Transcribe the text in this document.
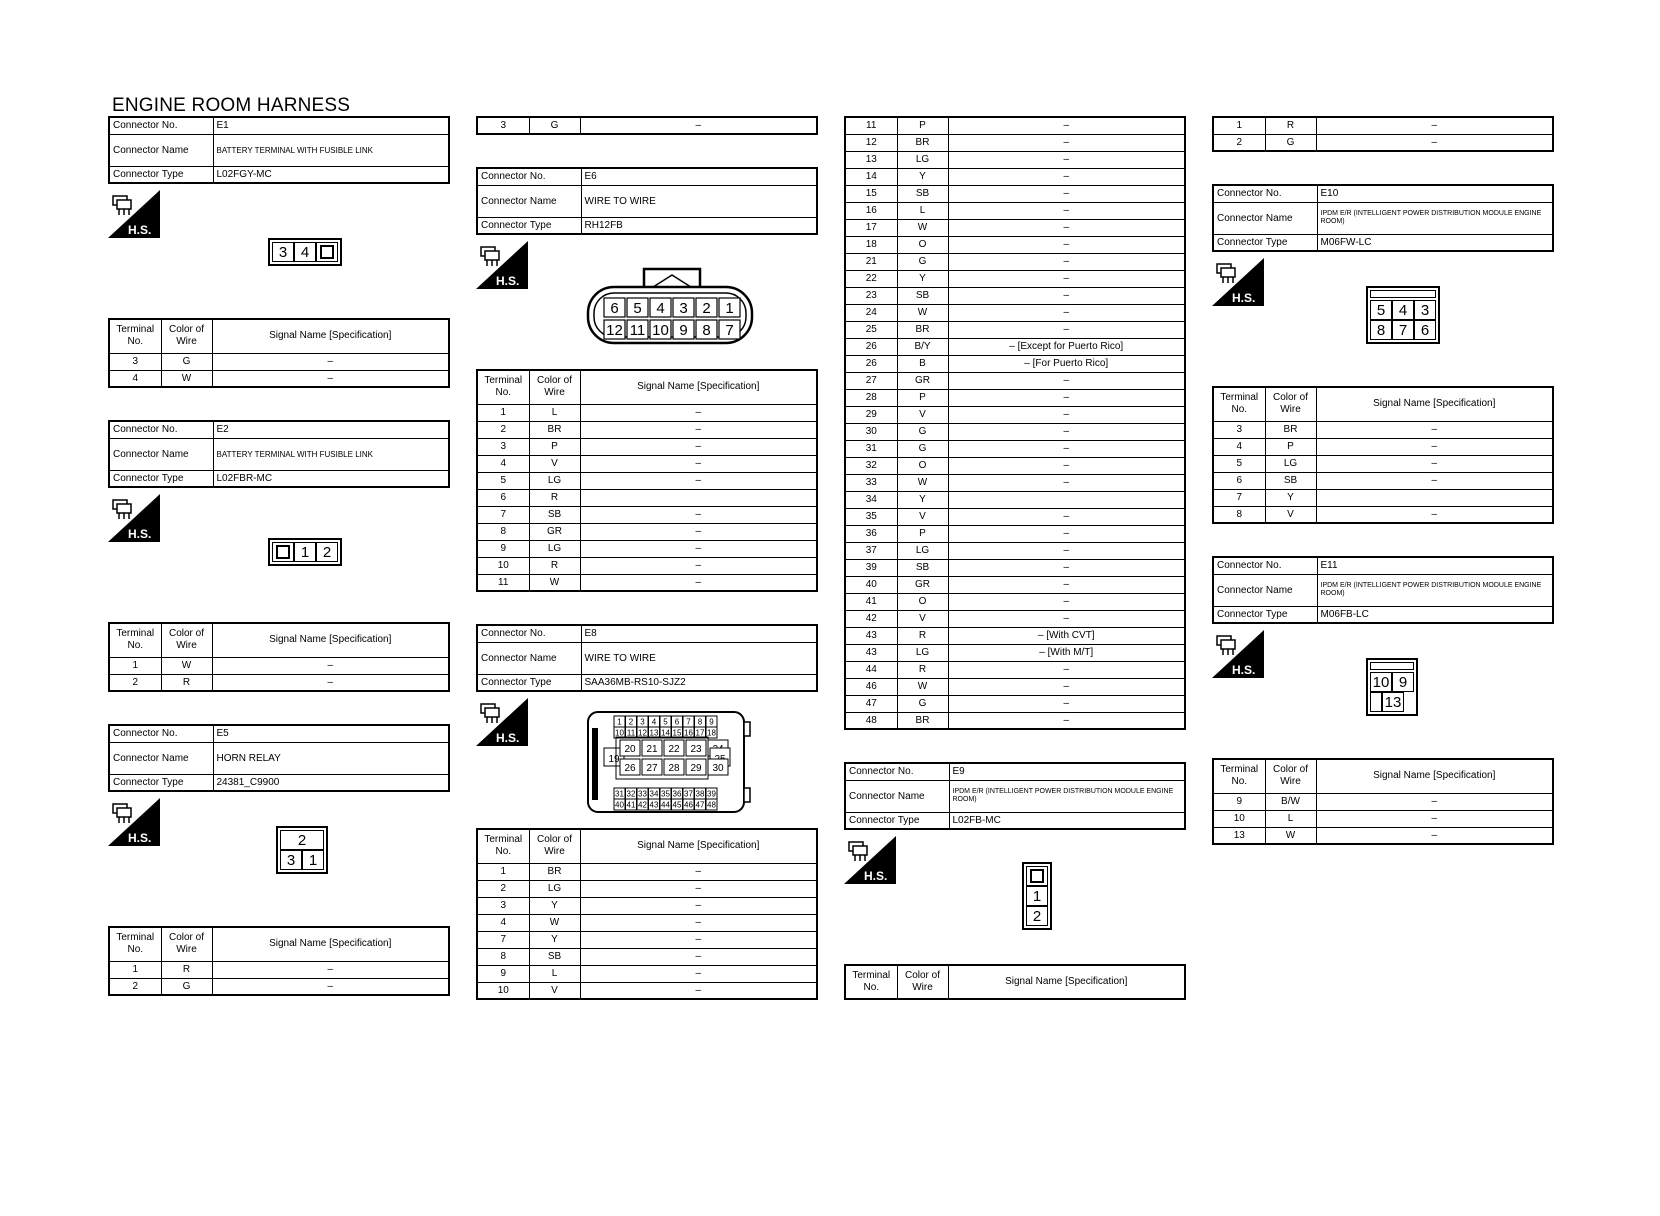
ENGINE ROOM HARNESS
Connector No.	E1
Connector Name	BATTERY TERMINAL WITH FUSIBLE LINK
Connector Type	L02FGY-MC
H.S.
3 4
Terminal No.	Color of Wire	Signal Name [Specification]
3	G	–
4	W	–
Connector No.	E2
Connector Name	BATTERY TERMINAL WITH FUSIBLE LINK
Connector Type	L02FBR-MC
H.S.
1 2
Terminal No.	Color of Wire	Signal Name [Specification]
1	W	–
2	R	–
Connector No.	E5
Connector Name	HORN RELAY
Connector Type	24381_C9900
H.S.	2
3 1
Terminal No.	Color of Wire	Signal Name [Specification]
1	R	–
2	G	–
3	G	–
Connector No.	E6
Connector Name	WIRE TO WIRE
Connector Type	RH12FB
H.S.
6 5 4 3 2 1
12 11 10 9 8 7
Terminal No.	Color of Wire	Signal Name [Specification]
1	L	–
2	BR	–
3	P	–
4	V	–
5	LG	–
6	R	
7	SB	–
8	GR	–
9	LG	–
10	R	–
11	W	–
Connector No.	E8
Connector Name	WIRE TO WIRE
Connector Type	SAA36MB-RS10-SJZ2
H.S.
1 2 3 4 5 6 7 8 9
10 11 12 13 14 15 16 17 18
19
20 21 22 23
26 27 28 29 30
31 32 33 34 35 36 37 38 39
40 41 42 43 44 45 46 47 48
Terminal No.	Color of Wire	Signal Name [Specification]
1	BR	–
2	LG	–
3	Y	–
4	W	–
7	Y	–
8	SB	–
9	L	–
10	V	–
11	P	–
12	BR	–
13	LG	–
14	Y	–
15	SB	–
16	L	–
17	W	–
18	O	–
21	G	–
22	Y	–
23	SB	–
24	W	–
25	BR	–
26	B/Y	– [Except for Puerto Rico]
26	B	– [For Puerto Rico]
27	GR	–
28	P	–
29	V	–
30	G	–
31	G	–
32	O	–
33	W	–
34	Y	
35	V	–
36	P	–
37	LG	–
39	SB	–
40	GR	–
41	O	–
42	V	–
43	R	– [With CVT]
43	LG	– [With M/T]
44	R	–
46	W	–
47	G	–
48	BR	–
Connector No.	E9
Connector Name	IPDM E/R (INTELLIGENT POWER DISTRIBUTION MODULE ENGINE ROOM)
Connector Type	L02FB-MC
H.S.
1
2
Terminal No.	Color of Wire	Signal Name [Specification]
1	R	–
2	G	–
Connector No.	E10
Connector Name	IPDM E/R (INTELLIGENT POWER DISTRIBUTION MODULE ENGINE ROOM)
Connector Type	M06FW-LC
H.S.
5 4 3
8 7 6
Terminal No.	Color of Wire	Signal Name [Specification]
3	BR	–
4	P	–
5	LG	–
6	SB	–
7	Y	
8	V	–
Connector No.	E11
Connector Name	IPDM E/R (INTELLIGENT POWER DISTRIBUTION MODULE ENGINE ROOM)
Connector Type	M06FB-LC
H.S.
10 9
13
Terminal No.	Color of Wire	Signal Name [Specification]
9	B/W	–
10	L	–
13	W	–
